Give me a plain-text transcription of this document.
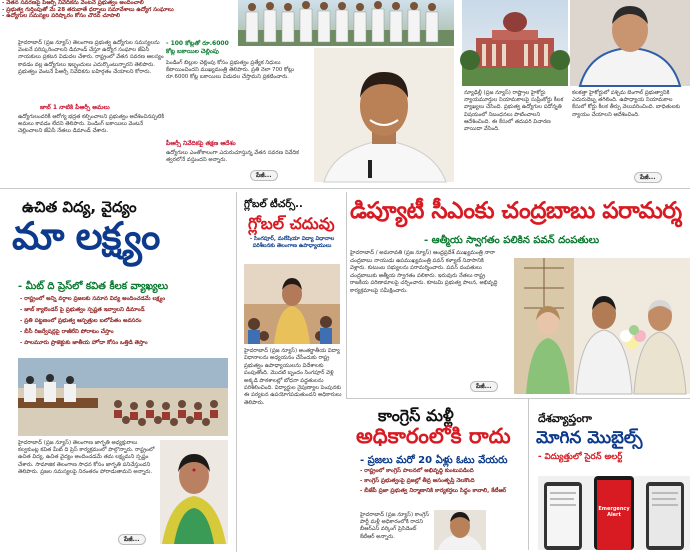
- వేతన సవరణపై పీఆర్సీ నివేదికను వెంటనే ప్రభుత్వం అందించాలి
- ప్రభుత్వ గుర్తింపుతో మే 28 తరువాతే ధర్నాలు సమావేశాలు ఉద్యోగ సంఘాలు
- ఉద్యోగుల సమస్యల పరిష్కారం కోసం చొరవ చూపాలి
హైదరాబాద్ (ప్రజ న్యూస్) తెలంగాణ ప్రభుత్వ ఉద్యోగుల సమస్యలను వెంటనే పరిష్కరించాలని డిమాండ్ చేస్తూ ఉద్యోగ సంఘాల జేఏసీ నాయకులు ప్రకటన విడుదల చేశారు. రాష్ట్రంలో వేతన సవరణ ఆలస్యం కావడం వల్ల ఉద్యోగులు ఇబ్బందులు ఎదుర్కొంటున్నారని తెలిపారు. ప్రభుత్వం వెంటనే పీఆర్సీ నివేదికను బహిర్గతం చేయాలని కోరారు.
జాబ్ 1 నాటికి పీఆర్సీ అమలు
ఉద్యోగులందరికీ ఆరోగ్య భద్రత కల్పించాలని ప్రభుత్వం ఆదేశించినప్పటికీ అమలు కావడం లేదని తెలిపారు. పెండింగ్ బకాయిలు వెంటనే చెల్లించాలని జేఏసీ నేతలు డిమాండ్ చేశారు.
- 100 కోట్లతో రూ.6000 కోట్ల బకాయిల చెల్లింపు
పెండింగ్ బిల్లుల చెల్లింపు కోసం ప్రభుత్వం ప్రత్యేక నిధులు కేటాయించిందని ముఖ్యమంత్రి తెలిపారు. ప్రతి నెలా 700 కోట్లు రూ.6000 కోట్ల బకాయిలు విడుదల చేస్తామని ప్రకటించారు.
పీఆర్సీ నివేదికపై తక్షణ ఆదేశం
ఉద్యోగులు ఎంతోకాలంగా ఎదురుచూస్తున్న వేతన సవరణ నివేదిక త్వరలోనే వస్తుందని అన్నారు.
పేజీ...
న్యూఢిల్లీ (ప్రజ న్యూస్) రాష్ట్రాల హైకోర్టు న్యాయమూర్తుల నియామకాలపై సుప్రీంకోర్టు కీలక వ్యాఖ్యలు చేసింది. ప్రభుత్వ ఉద్యోగుల పదోన్నతి విషయంలో నిబంధనలు పాటించాలని ఆదేశించింది. ఈ కేసులో తదుపరి విచారణ వాయిదా వేసింది.
కలకత్తా హైకోర్టులో పశ్చిమ బెంగాల్ ప్రభుత్వానికి ఎదురుదెబ్బ తగిలింది. ఉపాధ్యాయ నియామకాల కేసులో కోర్టు కీలక తీర్పు వెలువరించింది. బాధితులకు న్యాయం చేయాలని ఆదేశించింది.
పేజీ...
ఉచిత విద్య, వైద్యం
మా లక్ష్యం
- మీట్ ది ప్రెస్‌లో కవిత కీలక వ్యాఖ్యలు
- రాష్ట్రంలో అన్ని వర్గాల ప్రజలకు సమాన విద్య అందించడమే లక్ష్యం
- జాబ్ క్యాలెండర్ పై ప్రభుత్వం స్పష్టత ఇవ్వాలని డిమాండ్
- ప్రతి పట్టణంలో ప్రభుత్వ ఆస్పత్రుల బలోపేతం అవసరం
- బీసీ రిజర్వేషన్లపై రాజీలేని పోరాటం చేస్తాం
- పాలమూరు ప్రాజెక్టుకు జాతీయ హోదా కోసం ఒత్తిడి తెస్తాం
హైదరాబాద్ (ప్రజ న్యూస్) తెలంగాణ జాగృతి అధ్యక్షురాలు కల్వకుంట్ల కవిత మీట్ ది ప్రెస్ కార్యక్రమంలో పాల్గొన్నారు. రాష్ట్రంలో ఉచిత విద్య, ఉచిత వైద్యం అందించడమే తమ లక్ష్యమని స్పష్టం చేశారు. సామాజిక తెలంగాణ సాధన కోసం జాగృతి పనిచేస్తుందని తెలిపారు. ప్రజల సమస్యలపై నిరంతరం పోరాడుతామని అన్నారు.
పేజీ...
గ్లోబల్ టీచర్స్..
గ్లోబల్ చదువు
- సింగపూర్, మలేషియా విద్యా విధానాల పరిశీలనకు తెలంగాణ ఉపాధ్యాయులు
హైదరాబాద్ (ప్రజ న్యూస్) అంతర్జాతీయ విద్యా విధానాలను అధ్యయనం చేసేందుకు రాష్ట్ర ప్రభుత్వం ఉపాధ్యాయులను విదేశాలకు పంపుతోంది. మొదటి బృందం సింగపూర్ వెళ్లి అక్కడి పాఠశాలల్లో బోధనా పద్ధతులను పరిశీలించింది. విద్యార్థుల నైపుణ్యాల పెంపునకు ఈ పర్యటన ఉపయోగపడుతుందని అధికారులు తెలిపారు.
డిప్యూటీ సీఎంకు చంద్రబాబు పరామర్శ
- ఆత్మీయ స్వాగతం పలికిన పవన్ దంపతులు
హైదరాబాద్ / అమరావతి (ప్రజ న్యూస్) ఆంధ్రప్రదేశ్ ముఖ్యమంత్రి నారా చంద్రబాబు నాయుడు ఉపముఖ్యమంత్రి పవన్ కళ్యాణ్ నివాసానికి వెళ్లారు. కుటుంబ సభ్యులను పరామర్శించారు. పవన్ దంపతులు చంద్రబాబుకు ఆత్మీయ స్వాగతం పలికారు. ఇరువురు నేతలు రాష్ట్ర రాజకీయ పరిణామాలపై చర్చించారు. కూటమి ప్రభుత్వ పాలన, అభివృద్ధి కార్యక్రమాలపై సమీక్షించారు.
పేజీ...
కాంగ్రెస్ మళ్లీ
అధికారంలోకి రాదు
- ప్రజలు మరో 20 ఏళ్లు ఓటు వేయరు
- రాష్ట్రంలో కాంగ్రెస్ పాలనలో అభివృద్ధి కుంటుపడింది
- కాంగ్రెస్ ప్రభుత్వంపై ప్రజల్లో తీవ్ర అసంతృప్తి నెలకొంది
- బీజేపీ ప్రజా ప్రభుత్వ నిర్మాణానికి కార్యకర్తలు సిద్ధం కావాలి, కేటీఆర్
హైదరాబాద్ (ప్రజ న్యూస్) కాంగ్రెస్ పార్టీ మళ్లీ అధికారంలోకి రాదని బీఆర్ఎస్ వర్కింగ్ ప్రెసిడెంట్ కేటీఆర్ అన్నారు.
దేశవ్యాప్తంగా
మోగిన మొబైల్స్
- విద్యుత్తులో సైరన్ అలర్ట్
Emergency Alert
